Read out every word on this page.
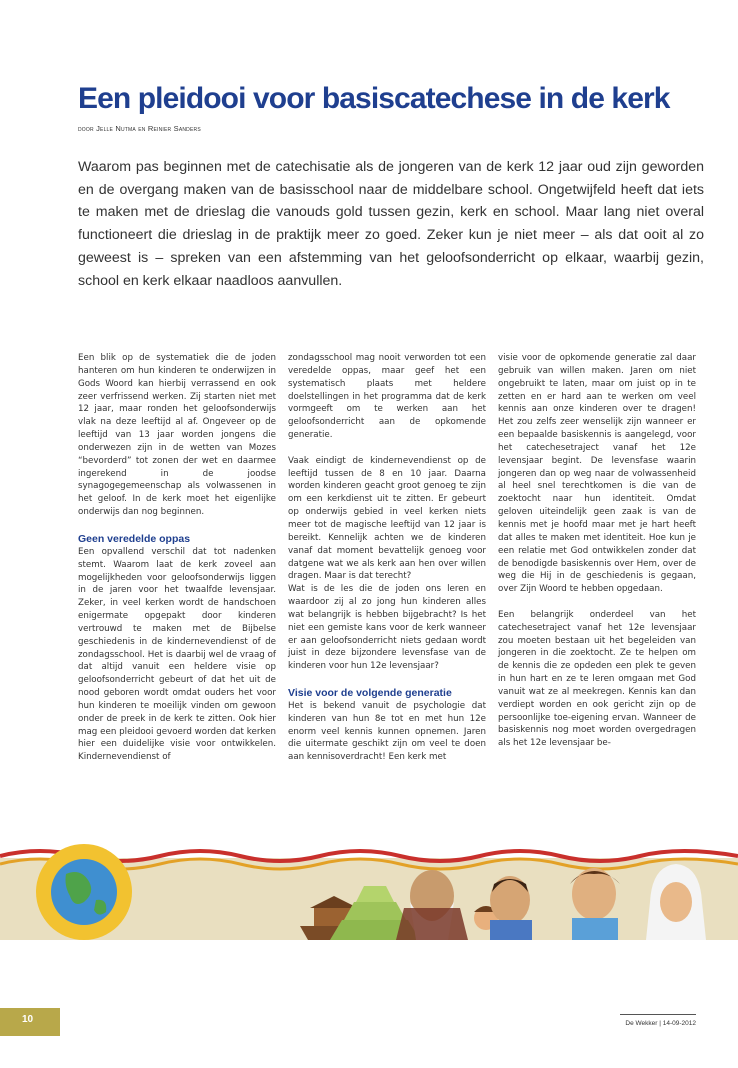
Een pleidooi voor basiscatechese in de kerk
door Jelle Nutma en Reinier Sanders

Waarom pas beginnen met de catechisatie als de jongeren van de kerk 12 jaar oud zijn geworden en de overgang maken van de basisschool naar de middelbare school. Ongetwijfeld heeft dat iets te maken met de drieslag die vanouds gold tussen gezin, kerk en school. Maar lang niet overal functioneert die drieslag in de praktijk meer zo goed. Zeker kun je niet meer – als dat ooit al zo geweest is – spreken van een afstemming van het geloofsonderricht op elkaar, waarbij gezin, school en kerk elkaar naadloos aanvullen.

Een blik op de systematiek die de joden hanteren om hun kinderen te onderwijzen in Gods Woord kan hierbij verrassend en ook zeer verfrissend werken. Zij starten niet met 12 jaar, maar ronden het geloofsonderwijs vlak na deze leeftijd al af. Ongeveer op de leeftijd van 13 jaar worden jongens die onderwezen zijn in de wetten van Mozes “bevorderd” tot zonen der wet en daarmee ingerekend in de joodse synagogegemeenschap als volwassenen in het geloof. In de kerk moet het eigenlijke onderwijs dan nog beginnen.

Geen veredelde oppas

Een opvallend verschil dat tot nadenken stemt. Waarom laat de kerk zoveel aan mogelijkheden voor geloofsonderwijs liggen in de jaren voor het twaalfde levensjaar. Zeker, in veel kerken wordt de handschoen enigermate opgepakt door kinderen vertrouwd te maken met de Bijbelse geschiedenis in de kindernevendienst of de zondagsschool. Het is daarbij wel de vraag of dat altijd vanuit een heldere visie op geloofsonderricht gebeurt of dat het uit de nood geboren wordt omdat ouders het voor hun kinderen te moeilijk vinden om gewoon onder de preek in de kerk te zitten. Ook hier mag een pleidooi gevoerd worden dat kerken hier een duidelijke visie voor ontwikkelen. Kindernevendienst of

zondagsschool mag nooit verworden tot een veredelde oppas, maar geef het een systematisch plaats met heldere doelstellingen in het programma dat de kerk vormgeeft om te werken aan het geloofsonderricht aan de opkomende generatie.

Vaak eindigt de kindernevendienst op de leeftijd tussen de 8 en 10 jaar. Daarna worden kinderen geacht groot genoeg te zijn om een kerkdienst uit te zitten. Er gebeurt op onderwijs gebied in veel kerken niets meer tot de magische leeftijd van 12 jaar is bereikt. Kennelijk achten we de kinderen vanaf dat moment bevattelijk genoeg voor datgene wat we als kerk aan hen over willen dragen. Maar is dat terecht?

Wat is de les die de joden ons leren en waardoor zij al zo jong hun kinderen alles wat belangrijk is hebben bijgebracht? Is het niet een gemiste kans voor de kerk wanneer er aan geloofsonderricht niets gedaan wordt juist in deze bijzondere levensfase van de kinderen voor hun 12e levensjaar?

Visie voor de volgende generatie

Het is bekend vanuit de psychologie dat kinderen van hun 8e tot en met hun 12e enorm veel kennis kunnen opnemen. Jaren die uitermate geschikt zijn om veel te doen aan kennisoverdracht! Een kerk met

visie voor de opkomende generatie zal daar gebruik van willen maken. Jaren om niet ongebruikt te laten, maar om juist op in te zetten en er hard aan te werken om veel kennis aan onze kinderen over te dragen! Het zou zelfs zeer wenselijk zijn wanneer er een bepaalde basiskennis is aangelegd, voor het catechesetraject vanaf het 12e levensjaar begint. De levensfase waarin jongeren dan op weg naar de volwassenheid al heel snel terechtkomen is die van de zoektocht naar hun identiteit. Omdat geloven uiteindelijk geen zaak is van de kennis met je hoofd maar met je hart heeft dat alles te maken met identiteit. Hoe kun je een relatie met God ontwikkelen zonder dat de benodigde basiskennis over Hem, over de weg die Hij in de geschiedenis is gegaan, over Zijn Woord te hebben opgedaan.

Een belangrijk onderdeel van het catechesetraject vanaf het 12e levensjaar zou moeten bestaan uit het begeleiden van jongeren in die zoektocht. Ze te helpen om de kennis die ze opdeden een plek te geven in hun hart en ze te leren omgaan met God vanuit wat ze al meekregen. Kennis kan dan verdiept worden en ook gericht zijn op de persoonlijke toe-eigening ervan. Wanneer de basiskennis nog moet worden overgedragen als het 12e levensjaar be-

10	De Wekker | 14-09-2012
